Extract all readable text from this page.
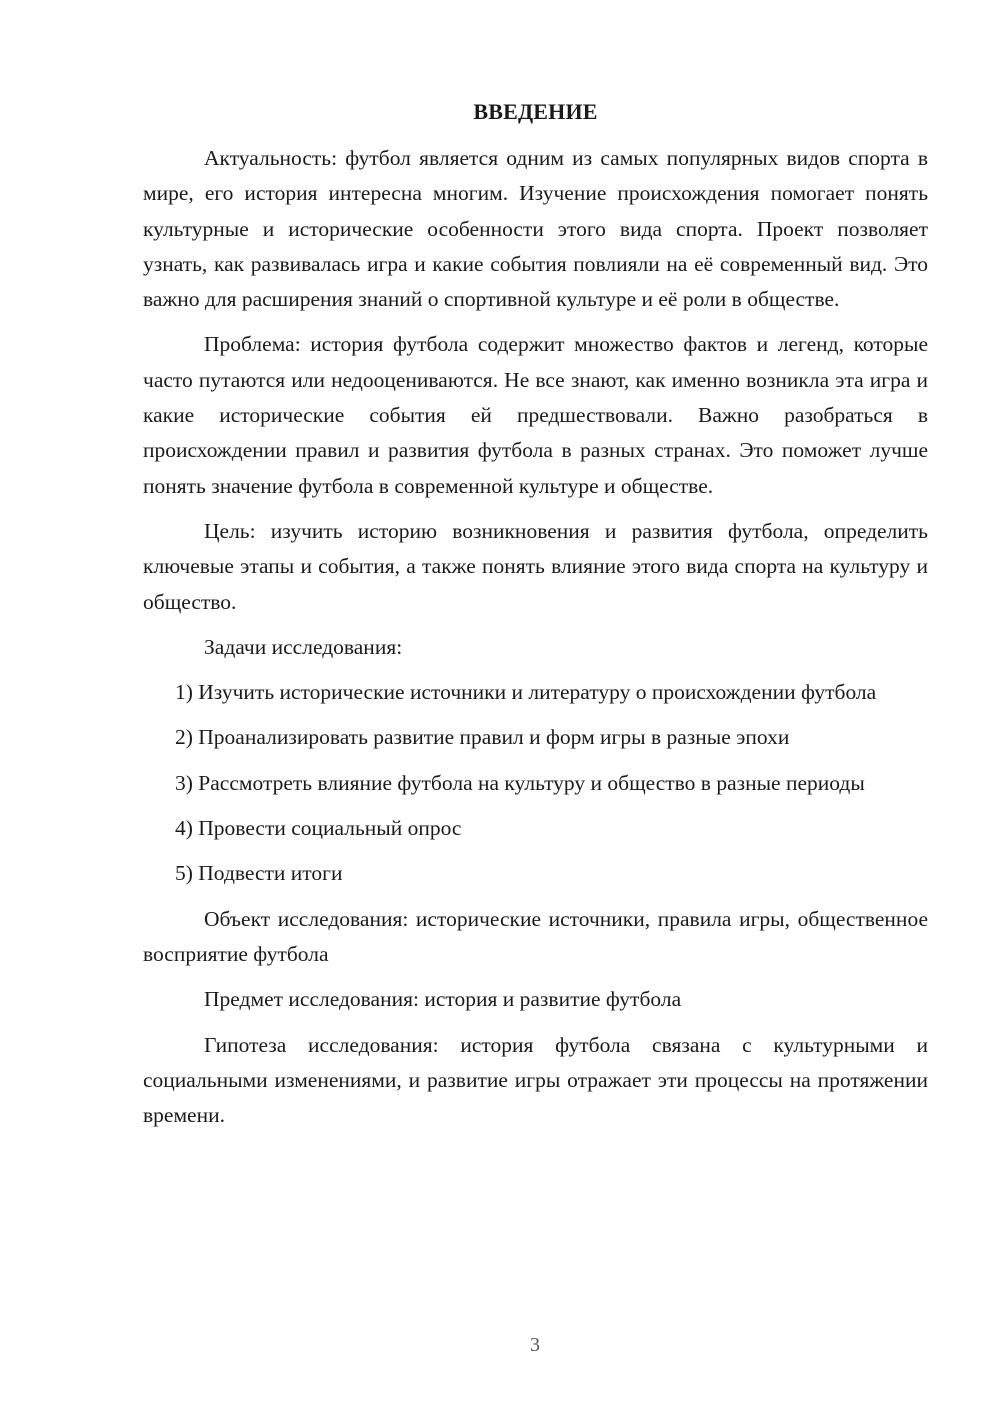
ВВЕДЕНИЕ

Актуальность: футбол является одним из самых популярных видов спорта в мире, его история интересна многим. Изучение происхождения помогает понять культурные и исторические особенности этого вида спорта. Проект позволяет узнать, как развивалась игра и какие события повлияли на её современный вид. Это важно для расширения знаний о спортивной культуре и её роли в обществе.

Проблема: история футбола содержит множество фактов и легенд, которые часто путаются или недооцениваются. Не все знают, как именно возникла эта игра и какие исторические события ей предшествовали. Важно разобраться в происхождении правил и развития футбола в разных странах. Это поможет лучше понять значение футбола в современной культуре и обществе.

Цель: изучить историю возникновения и развития футбола, определить ключевые этапы и события, а также понять влияние этого вида спорта на культуру и общество.

Задачи исследования:

1) Изучить исторические источники и литературу о происхождении футбола

2) Проанализировать развитие правил и форм игры в разные эпохи

3) Рассмотреть влияние футбола на культуру и общество в разные периоды

4) Провести социальный опрос

5) Подвести итоги

Объект исследования: исторические источники, правила игры, общественное восприятие футбола

Предмет исследования: история и развитие футбола

Гипотеза исследования: история футбола связана с культурными и социальными изменениями, и развитие игры отражает эти процессы на протяжении времени.

3
